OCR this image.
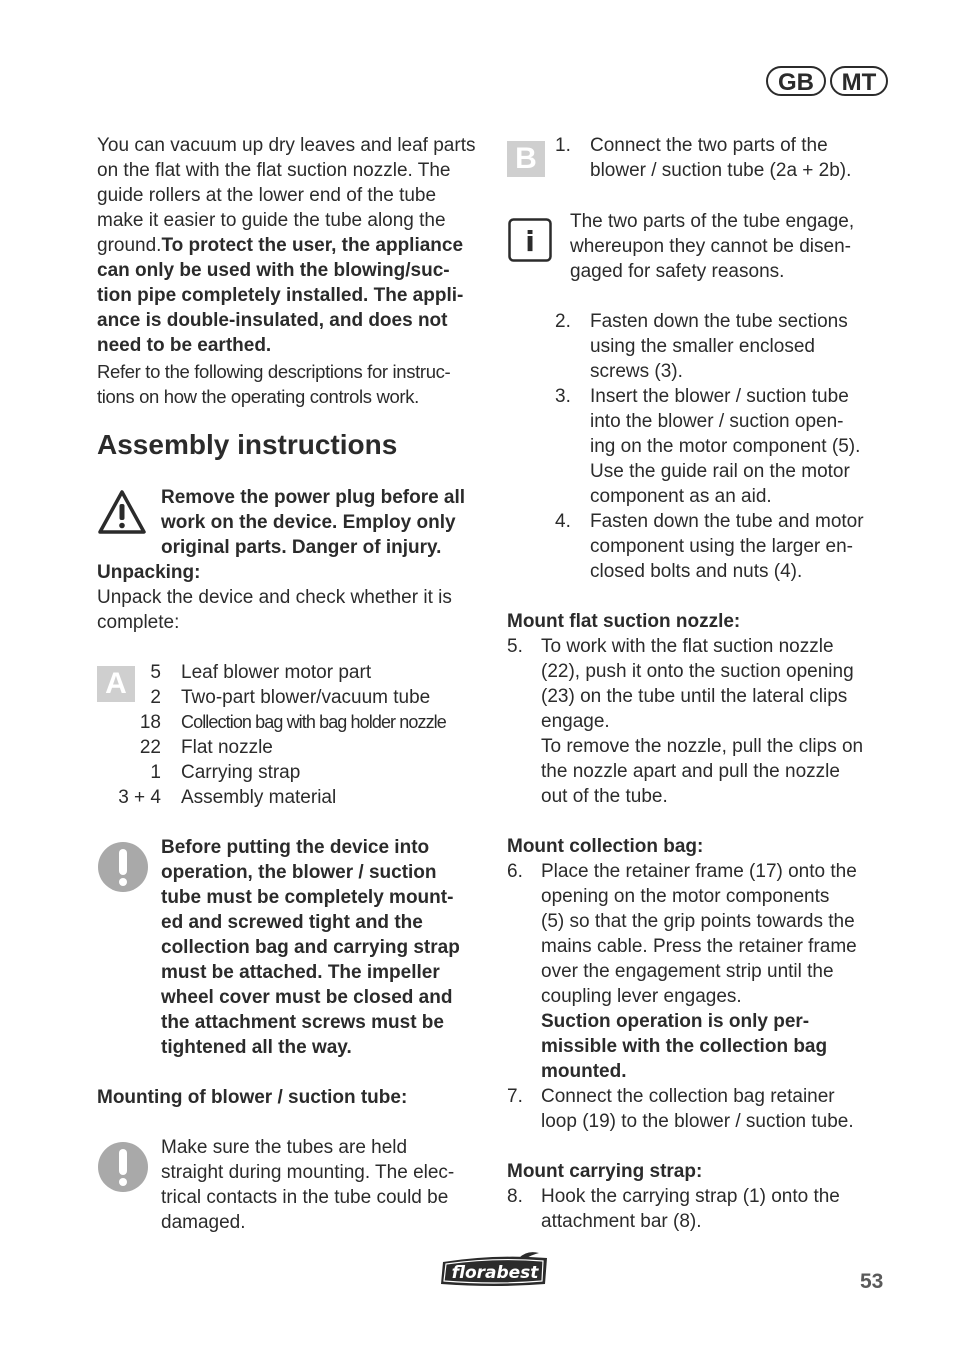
GB	MT
You can vacuum up dry leaves and leaf parts
on the flat with the flat suction nozzle. The
guide rollers at the lower end of the tube
make it easier to guide the tube along the
ground.To protect the user, the appliance
can only be used with the blowing/suc-
tion pipe completely installed. The appli-
ance is double-insulated, and does not
need to be earthed.
Refer to the following descriptions for instruc-
tions on how the operating controls work.
Assembly instructions
Remove the power plug before all
work on the device. Employ only
original parts. Danger of injury.
Unpacking:
Unpack the device and check whether it is
complete:
A	5 Leaf blower motor part
2 Two-part blower/vacuum tube
18 Collection bag with bag holder nozzle
22 Flat nozzle
1 Carrying strap
3 + 4 Assembly material
Before putting the device into
operation, the blower / suction
tube must be completely mount-
ed and screwed tight and the
collection bag and carrying strap
must be attached. The impeller
wheel cover must be closed and
the attachment screws must be
tightened all the way.
Mounting of blower / suction tube:
Make sure the tubes are held
straight during mounting. The elec-
trical contacts in the tube could be
damaged.
B 1. Connect the two parts of the
blower / suction tube (2a + 2b).
i
The two parts of the tube engage,
whereupon they cannot be disen-
gaged for safety reasons.
2. Fasten down the tube sections
using the smaller enclosed
screws (3).
3. Insert the blower / suction tube
into the blower / suction open-
ing on the motor component (5).
Use the guide rail on the motor
component as an aid.
4. Fasten down the tube and motor
component using the larger en-
closed bolts and nuts (4).
Mount flat suction nozzle:
5. To work with the flat suction nozzle
(22), push it onto the suction opening
(23) on the tube until the lateral clips
engage.
To remove the nozzle, pull the clips on
the nozzle apart and pull the nozzle
out of the tube.
Mount collection bag:
6. Place the retainer frame (17) onto the
opening on the motor components
(5) so that the grip points towards the
mains cable. Press the retainer frame
over the engagement strip until the
coupling lever engages.
Suction operation is only per-
missible with the collection bag
mounted.
7. Connect the collection bag retainer
loop (19) to the blower / suction tube.
Mount carrying strap:
8. Hook the carrying strap (1) onto the
attachment bar (8).
florabest	53
